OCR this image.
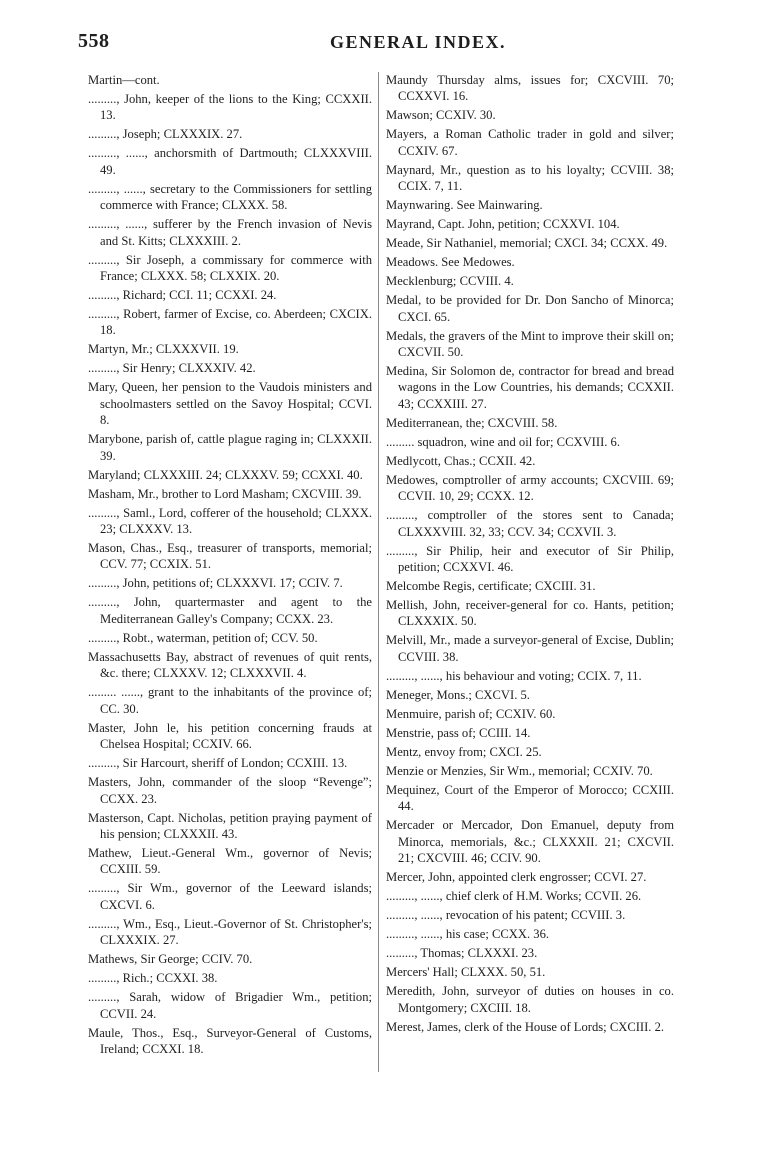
558	GENERAL INDEX.

Martin—cont.

........., John, keeper of the lions to the King; CCXXII. 13.

........., Joseph; CLXXXIX. 27.

........., ......, anchorsmith of Dartmouth; CLXXXVIII. 49.

........., ......, secretary to the Commissioners for settling commerce with France; CLXXX. 58.

........., ......, sufferer by the French invasion of Nevis and St. Kitts; CLXXXIII. 2.

........., Sir Joseph, a commissary for commerce with France; CLXXX. 58; CLXXIX. 20.

........., Richard; CCI. 11; CCXXI. 24.

........., Robert, farmer of Excise, co. Aberdeen; CXCIX. 18.

Martyn, Mr.; CLXXXVII. 19.

........., Sir Henry; CLXXXIV. 42.

Mary, Queen, her pension to the Vaudois ministers and schoolmasters settled on the Savoy Hospital; CCVI. 8.

Marybone, parish of, cattle plague raging in; CLXXXII. 39.

Maryland; CLXXXIII. 24; CLXXXV. 59; CCXXI. 40.

Masham, Mr., brother to Lord Masham; CXCVIII. 39.

........., Saml., Lord, cofferer of the household; CLXXX. 23; CLXXXV. 13.

Mason, Chas., Esq., treasurer of transports, memorial; CCV. 77; CCXIX. 51.

........., John, petitions of; CLXXXVI. 17; CCIV. 7.

........., John, quartermaster and agent to the Mediterranean Galley's Company; CCXX. 23.

........., Robt., waterman, petition of; CCV. 50.

Massachusetts Bay, abstract of revenues of quit rents, &c. there; CLXXXV. 12; CLXXXVII. 4.

......... ......, grant to the inhabitants of the province of; CC. 30.

Master, John le, his petition concerning frauds at Chelsea Hospital; CCXIV. 66.

........., Sir Harcourt, sheriff of London; CCXIII. 13.

Masters, John, commander of the sloop “Revenge”; CCXX. 23.

Masterson, Capt. Nicholas, petition praying payment of his pension; CLXXXII. 43.

Mathew, Lieut.-General Wm., governor of Nevis; CCXIII. 59.

........., Sir Wm., governor of the Leeward islands; CXCVI. 6.

........., Wm., Esq., Lieut.-Governor of St. Christopher's; CLXXXIX. 27.

Mathews, Sir George; CCIV. 70.

........., Rich.; CCXXI. 38.

........., Sarah, widow of Brigadier Wm., petition; CCVII. 24.

Maule, Thos., Esq., Surveyor-General of Customs, Ireland; CCXXI. 18.

Maundy Thursday alms, issues for; CXCVIII. 70; CCXXVI. 16.

Mawson; CCXIV. 30.

Mayers, a Roman Catholic trader in gold and silver; CCXIV. 67.

Maynard, Mr., question as to his loyalty; CCVIII. 38; CCIX. 7, 11.

Maynwaring. See Mainwaring.

Mayrand, Capt. John, petition; CCXXVI. 104.

Meade, Sir Nathaniel, memorial; CXCI. 34; CCXX. 49.

Meadows. See Medowes.

Mecklenburg; CCVIII. 4.

Medal, to be provided for Dr. Don Sancho of Minorca; CXCI. 65.

Medals, the gravers of the Mint to improve their skill on; CXCVII. 50.

Medina, Sir Solomon de, contractor for bread and bread wagons in the Low Countries, his demands; CCXXII. 43; CCXXIII. 27.

Mediterranean, the; CXCVIII. 58.

......... squadron, wine and oil for; CCXVIII. 6.

Medlycott, Chas.; CCXII. 42.

Medowes, comptroller of army accounts; CXCVIII. 69; CCVII. 10, 29; CCXX. 12.

........., comptroller of the stores sent to Canada; CLXXXVIII. 32, 33; CCV. 34; CCXVII. 3.

........., Sir Philip, heir and executor of Sir Philip, petition; CCXXVI. 46.

Melcombe Regis, certificate; CXCIII. 31.

Mellish, John, receiver-general for co. Hants, petition; CLXXXIX. 50.

Melvill, Mr., made a surveyor-general of Excise, Dublin; CCVIII. 38.

........., ......, his behaviour and voting; CCIX. 7, 11.

Meneger, Mons.; CXCVI. 5.

Menmuire, parish of; CCXIV. 60.

Menstrie, pass of; CCIII. 14.

Mentz, envoy from; CXCI. 25.

Menzie or Menzies, Sir Wm., memorial; CCXIV. 70.

Mequinez, Court of the Emperor of Morocco; CCXIII. 44.

Mercader or Mercador, Don Emanuel, deputy from Minorca, memorials, &c.; CLXXXII. 21; CXCVII. 21; CXCVIII. 46; CCIV. 90.

Mercer, John, appointed clerk engrosser; CCVI. 27.

........., ......, chief clerk of H.M. Works; CCVII. 26.

........., ......, revocation of his patent; CCVIII. 3.

........., ......, his case; CCXX. 36.

........., Thomas; CLXXXI. 23.

Mercers' Hall; CLXXX. 50, 51.

Meredith, John, surveyor of duties on houses in co. Montgomery; CXCIII. 18.

Merest, James, clerk of the House of Lords; CXCIII. 2.
